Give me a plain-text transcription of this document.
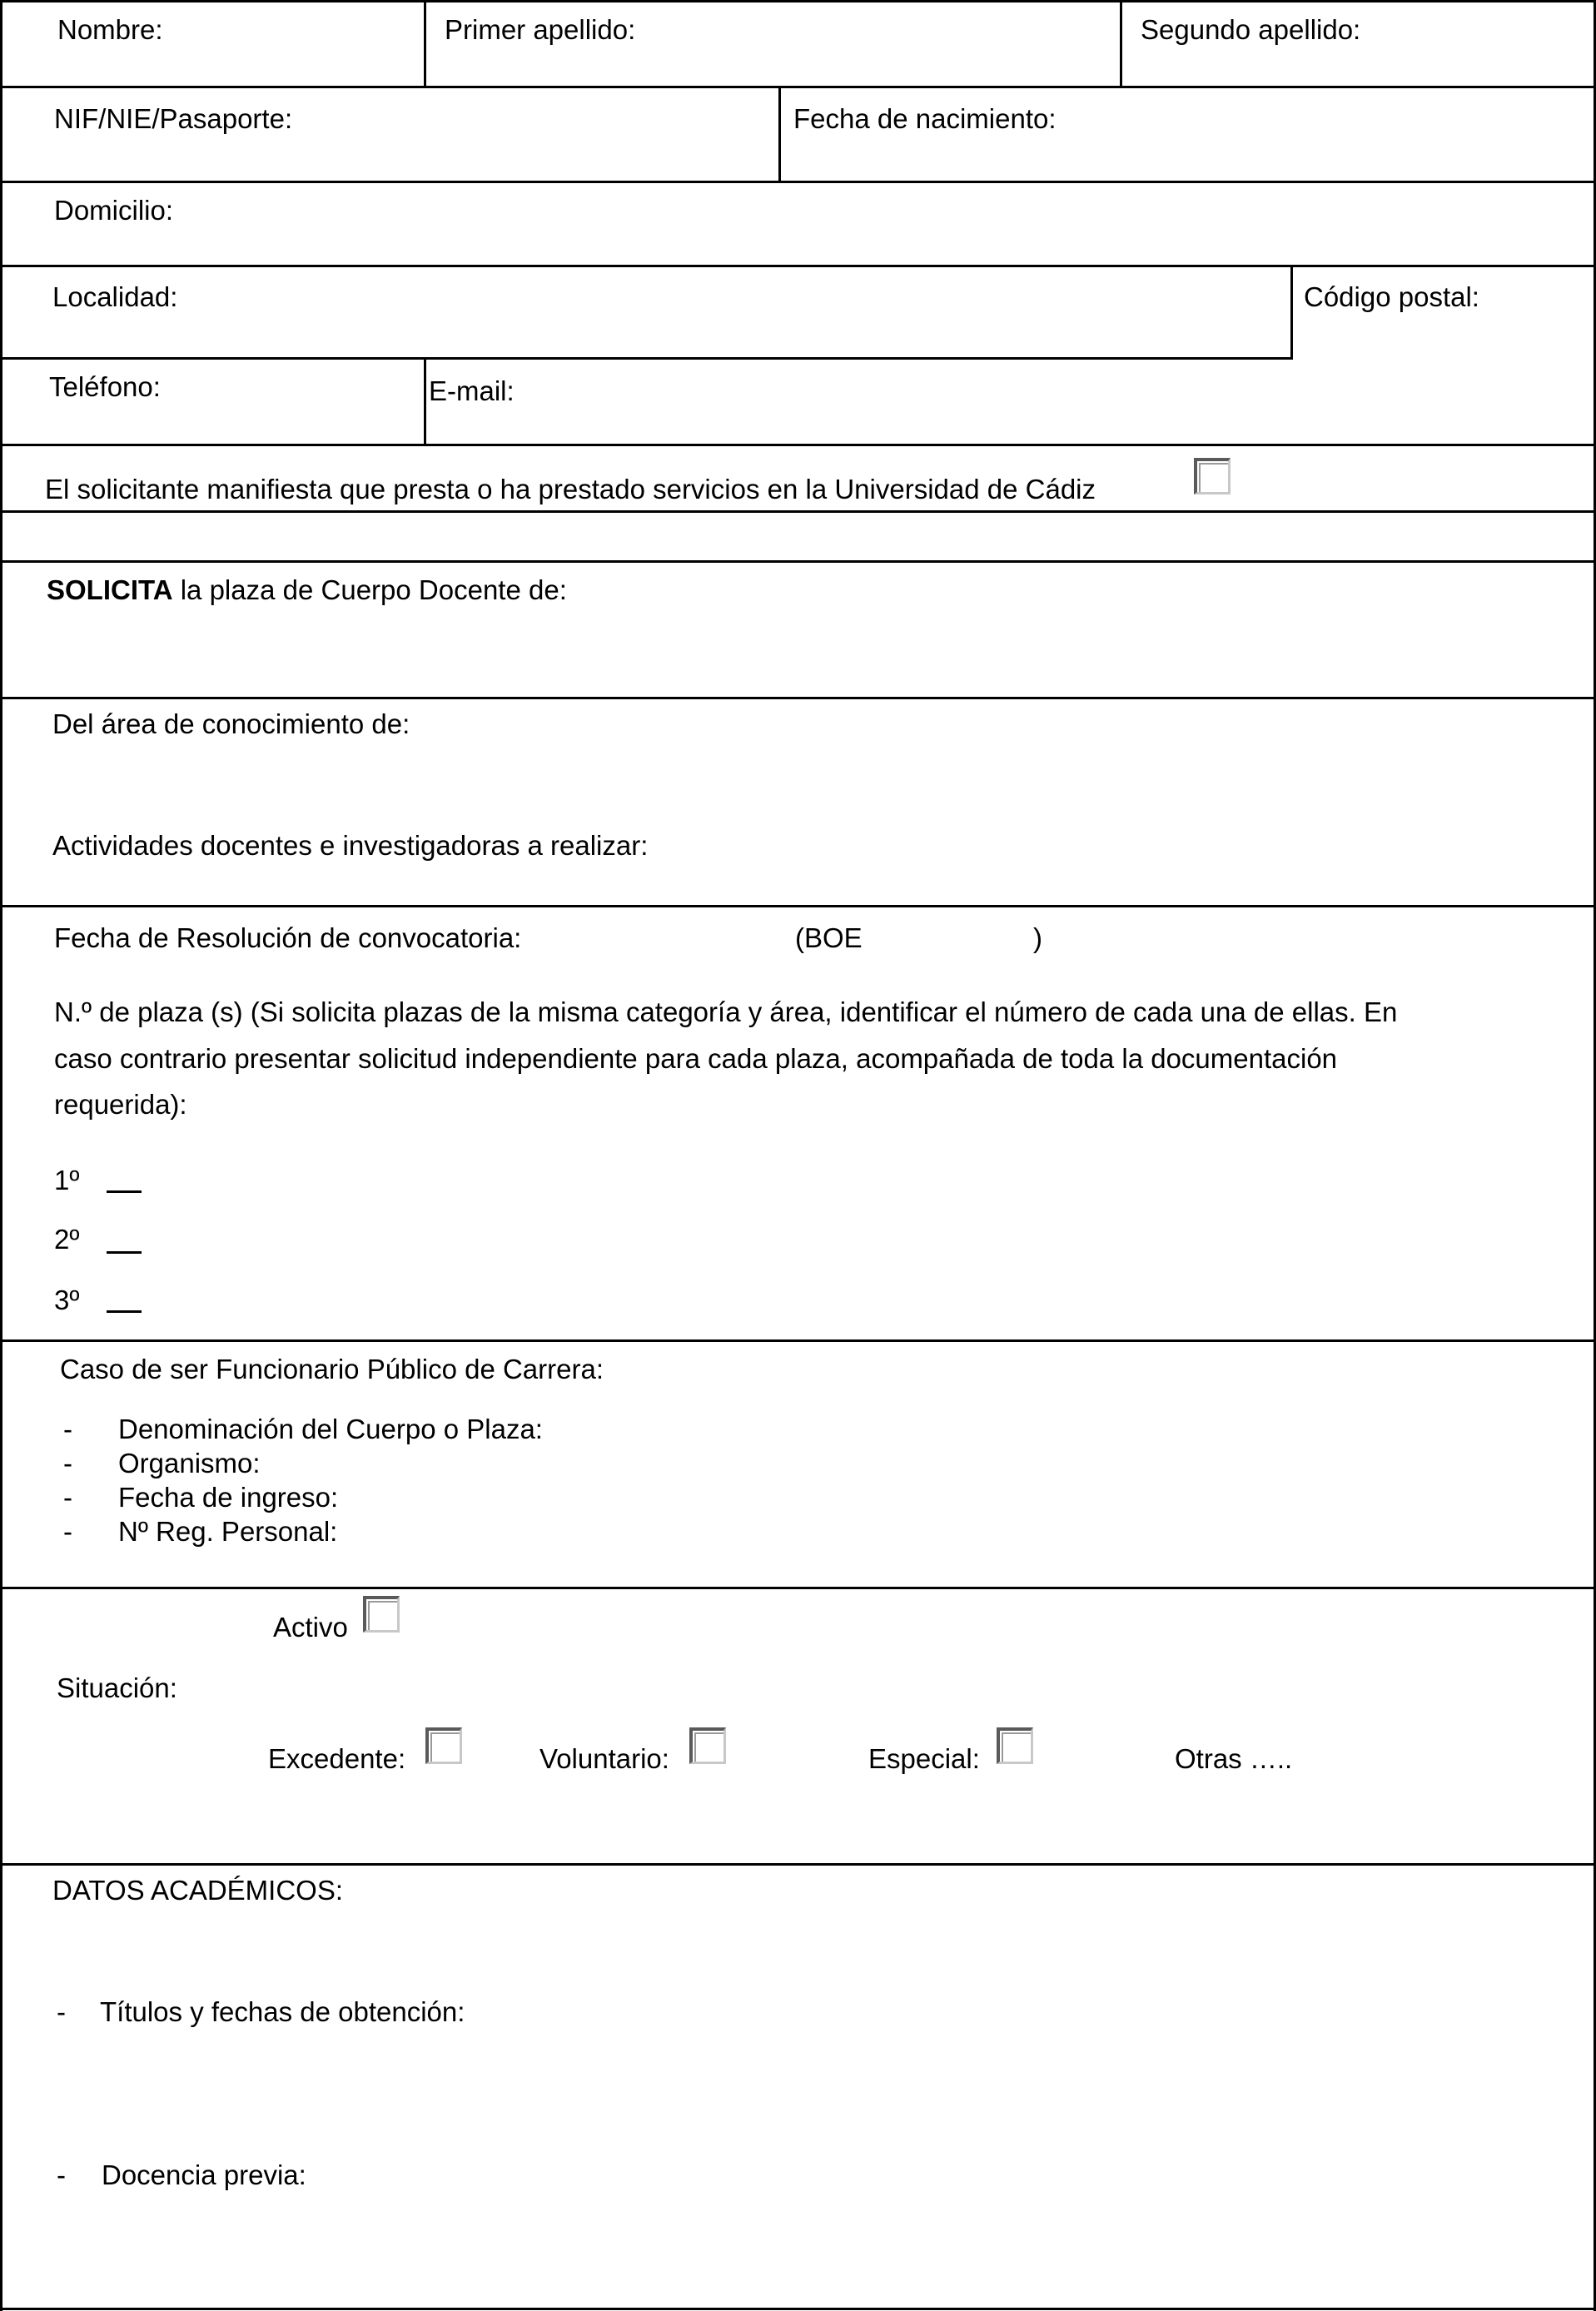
Nombre:	Primer apellido:	Segundo apellido:
NIF/NIE/Pasaporte:	Fecha de nacimiento:
Domicilio:
Localidad:	Código postal:
Teléfono:	E-mail:
El solicitante manifiesta que presta o ha prestado servicios en la Universidad de Cádiz
SOLICITA la plaza de Cuerpo Docente de:
Del área de conocimiento de:
Actividades docentes e investigadoras a realizar:
Fecha de Resolución de convocatoria:	(BOE	)
N.º de plaza (s) (Si solicita plazas de la misma categoría y área, identificar el número de cada una de ellas. En
caso contrario presentar solicitud independiente para cada plaza, acompañada de toda la documentación
requerida):
1º
2º
3º
Caso de ser Funcionario Público de Carrera:
- Denominación del Cuerpo o Plaza:
- Organismo:
- Fecha de ingreso:
- Nº Reg. Personal:
Activo
Situación:
Excedente:	Voluntario:	Especial:	Otras …..
DATOS ACADÉMICOS:
- Títulos y fechas de obtención:
- Docencia previa:
